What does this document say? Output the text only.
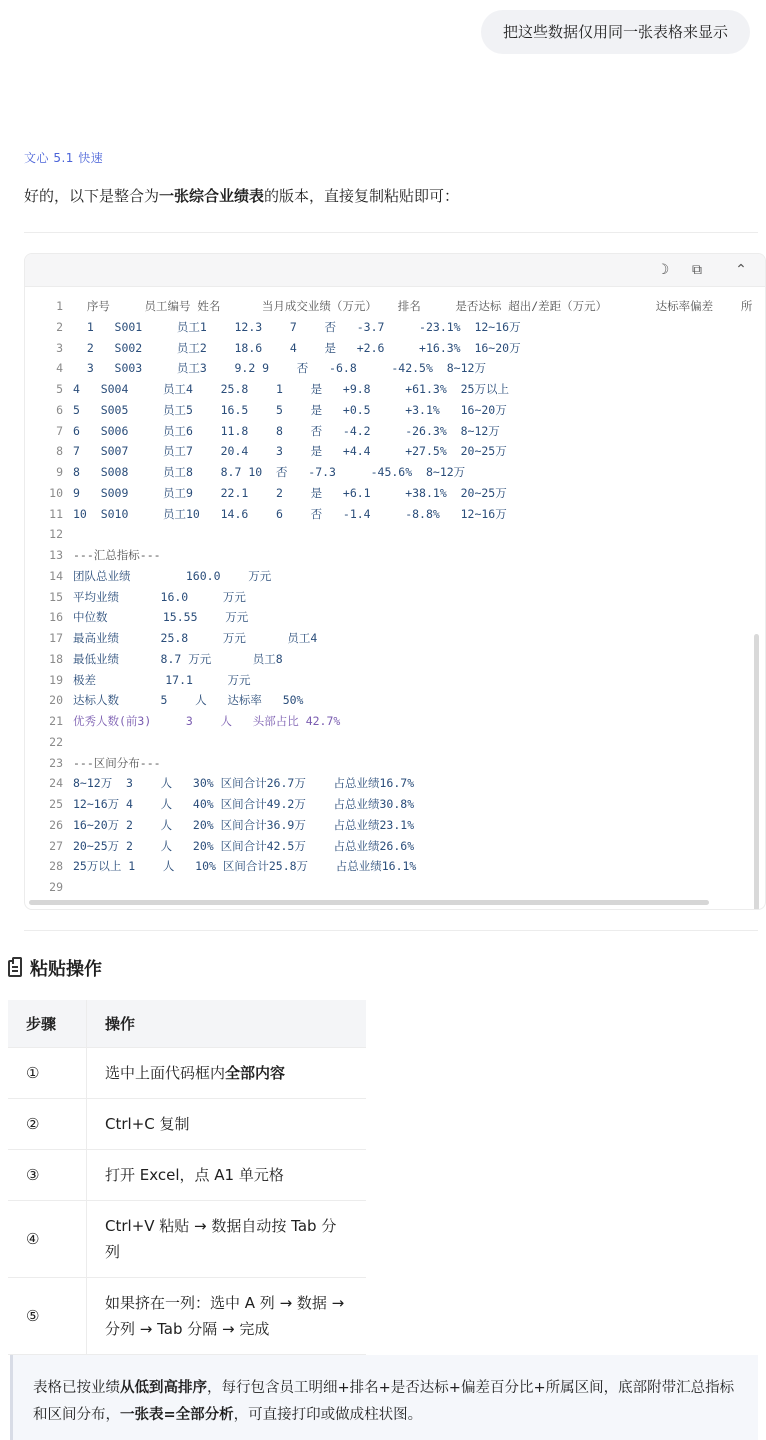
把这些数据仅用同一张表格来显示
文心 5.1 快速
好的，以下是整合为一张综合业绩表的版本，直接复制粘贴即可：
☽	⧉	⌃
1  序号     员工编号 姓名      当月成交业绩（万元）   排名     是否达标 超出/差距（万元）       达标率偏差    所
2  1   S001     员工1    12.3    7    否   -3.7     -23.1%  12~16万
3  2   S002     员工2    18.6    4    是   +2.6     +16.3%  16~20万
4  3   S003     员工3    9.2 9    否   -6.8     -42.5%  8~12万
5 4   S004     员工4    25.8    1    是   +9.8     +61.3%  25万以上
6 5   S005     员工5    16.5    5    是   +0.5     +3.1%   16~20万
7 6   S006     员工6    11.8    8    否   -4.2     -26.3%  8~12万
8 7   S007     员工7    20.4    3    是   +4.4     +27.5%  20~25万
9 8   S008     员工8    8.7 10  否   -7.3     -45.6%  8~12万
10 9   S009     员工9    22.1    2    是   +6.1     +38.1%  20~25万
11 10  S010     员工10   14.6    6    否   -1.4     -8.8%   12~16万
12
13 ---汇总指标---
14 团队总业绩        160.0    万元
15 平均业绩      16.0     万元
16 中位数        15.55    万元
17 最高业绩      25.8     万元      员工4
18 最低业绩      8.7 万元      员工8
19 极差          17.1     万元
20 达标人数      5    人   达标率   50%
21 优秀人数(前3)     3    人   头部占比 42.7%
22
23 ---区间分布---
24 8~12万  3    人   30% 区间合计26.7万    占总业绩16.7%
25 12~16万 4    人   40% 区间合计49.2万    占总业绩30.8%
26 16~20万 2    人   20% 区间合计36.9万    占总业绩23.1%
27 20~25万 2    人   20% 区间合计42.5万    占总业绩26.6%
28 25万以上 1    人   10% 区间合计25.8万    占总业绩16.1%
29
粘贴操作
步骤	操作
①	选中上面代码框内全部内容
②	Ctrl+C 复制
③	打开 Excel，点 A1 单元格
④	Ctrl+V 粘贴 → 数据自动按 Tab 分列
⑤	如果挤在一列：选中 A 列 → 数据 → 分列 → Tab 分隔 → 完成
表格已按业绩从低到高排序，每行包含员工明细+排名+是否达标+偏差百分比+所属区间，底部附带汇总指标和区间分布，一张表=全部分析，可直接打印或做成柱状图。
